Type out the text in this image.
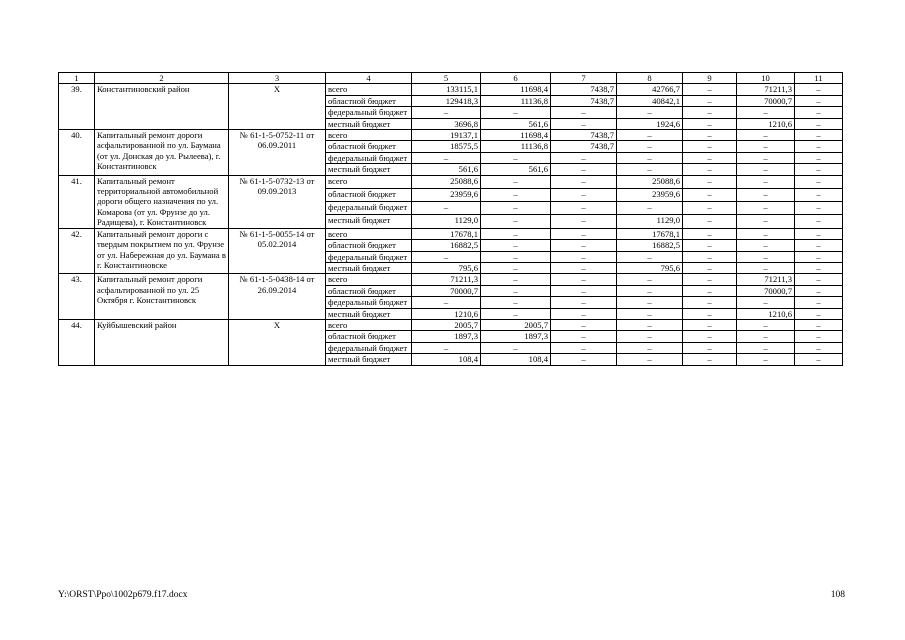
1	2	3	4	5	6	7	8	9	10	11
39.	Константиновский район	X	всего	133115,1	11698,4	7438,7	42766,7	–	71211,3	–
			областной бюджет	129418,3	11136,8	7438,7	40842,1	–	70000,7	–
			федеральный бюджет	–	–	–	–	–	–	–
			местный бюджет	3696,8	561,6	–	1924,6	–	1210,6	–
40.	Капитальный ремонт дороги асфальтированной по ул. Баумана (от ул. Донская до ул. Рылеева), г. Константиновск	№ 61-1-5-0752-11 от 06.09.2011	всего	19137,1	11698,4	7438,7	–	–	–	–
			областной бюджет	18575,5	11136,8	7438,7	–	–	–	–
			федеральный бюджет	–	–	–	–	–	–	–
			местный бюджет	561,6	561,6	–	–	–	–	–
41.	Капитальный ремонт территориальной автомобильной дороги общего назначения по ул. Комарова (от ул. Фрунзе до ул. Радищева), г. Константиновск	№ 61-1-5-0732-13 от 09.09.2013	всего	25088,6	–	–	25088,6	–	–	–
			областной бюджет	23959,6	–	–	23959,6	–	–	–
			федеральный бюджет	–	–	–	–	–	–	–
			местный бюджет	1129,0	–	–	1129,0	–	–	–
42.	Капитальный ремонт дороги с твердым покрытием по ул. Фрунзе от ул. Набережная до ул. Баумана в г. Константиновске	№ 61-1-5-0055-14 от 05.02.2014	всего	17678,1	–	–	17678,1	–	–	–
			областной бюджет	16882,5	–	–	16882,5	–	–	–
			федеральный бюджет	–	–	–	–	–	–	–
			местный бюджет	795,6	–	–	795,6	–	–	–
43.	Капитальный ремонт дороги асфальтированной по ул. 25 Октября г. Константиновск	№ 61-1-5-0438-14 от 26.09.2014	всего	71211,3	–	–	–	–	71211,3	–
			областной бюджет	70000,7	–	–	–	–	70000,7	–
			федеральный бюджет	–	–	–	–	–	–	–
			местный бюджет	1210,6	–	–	–	–	1210,6	–
44.	Куйбышевский район	X	всего	2005,7	2005,7	–	–	–	–	–
			областной бюджет	1897,3	1897,3	–	–	–	–	–
			федеральный бюджет	–	–	–	–	–	–	–
			местный бюджет	108,4	108,4	–	–	–	–	–
Y:\ORST\Ppo\1002p679.f17.docx	108
